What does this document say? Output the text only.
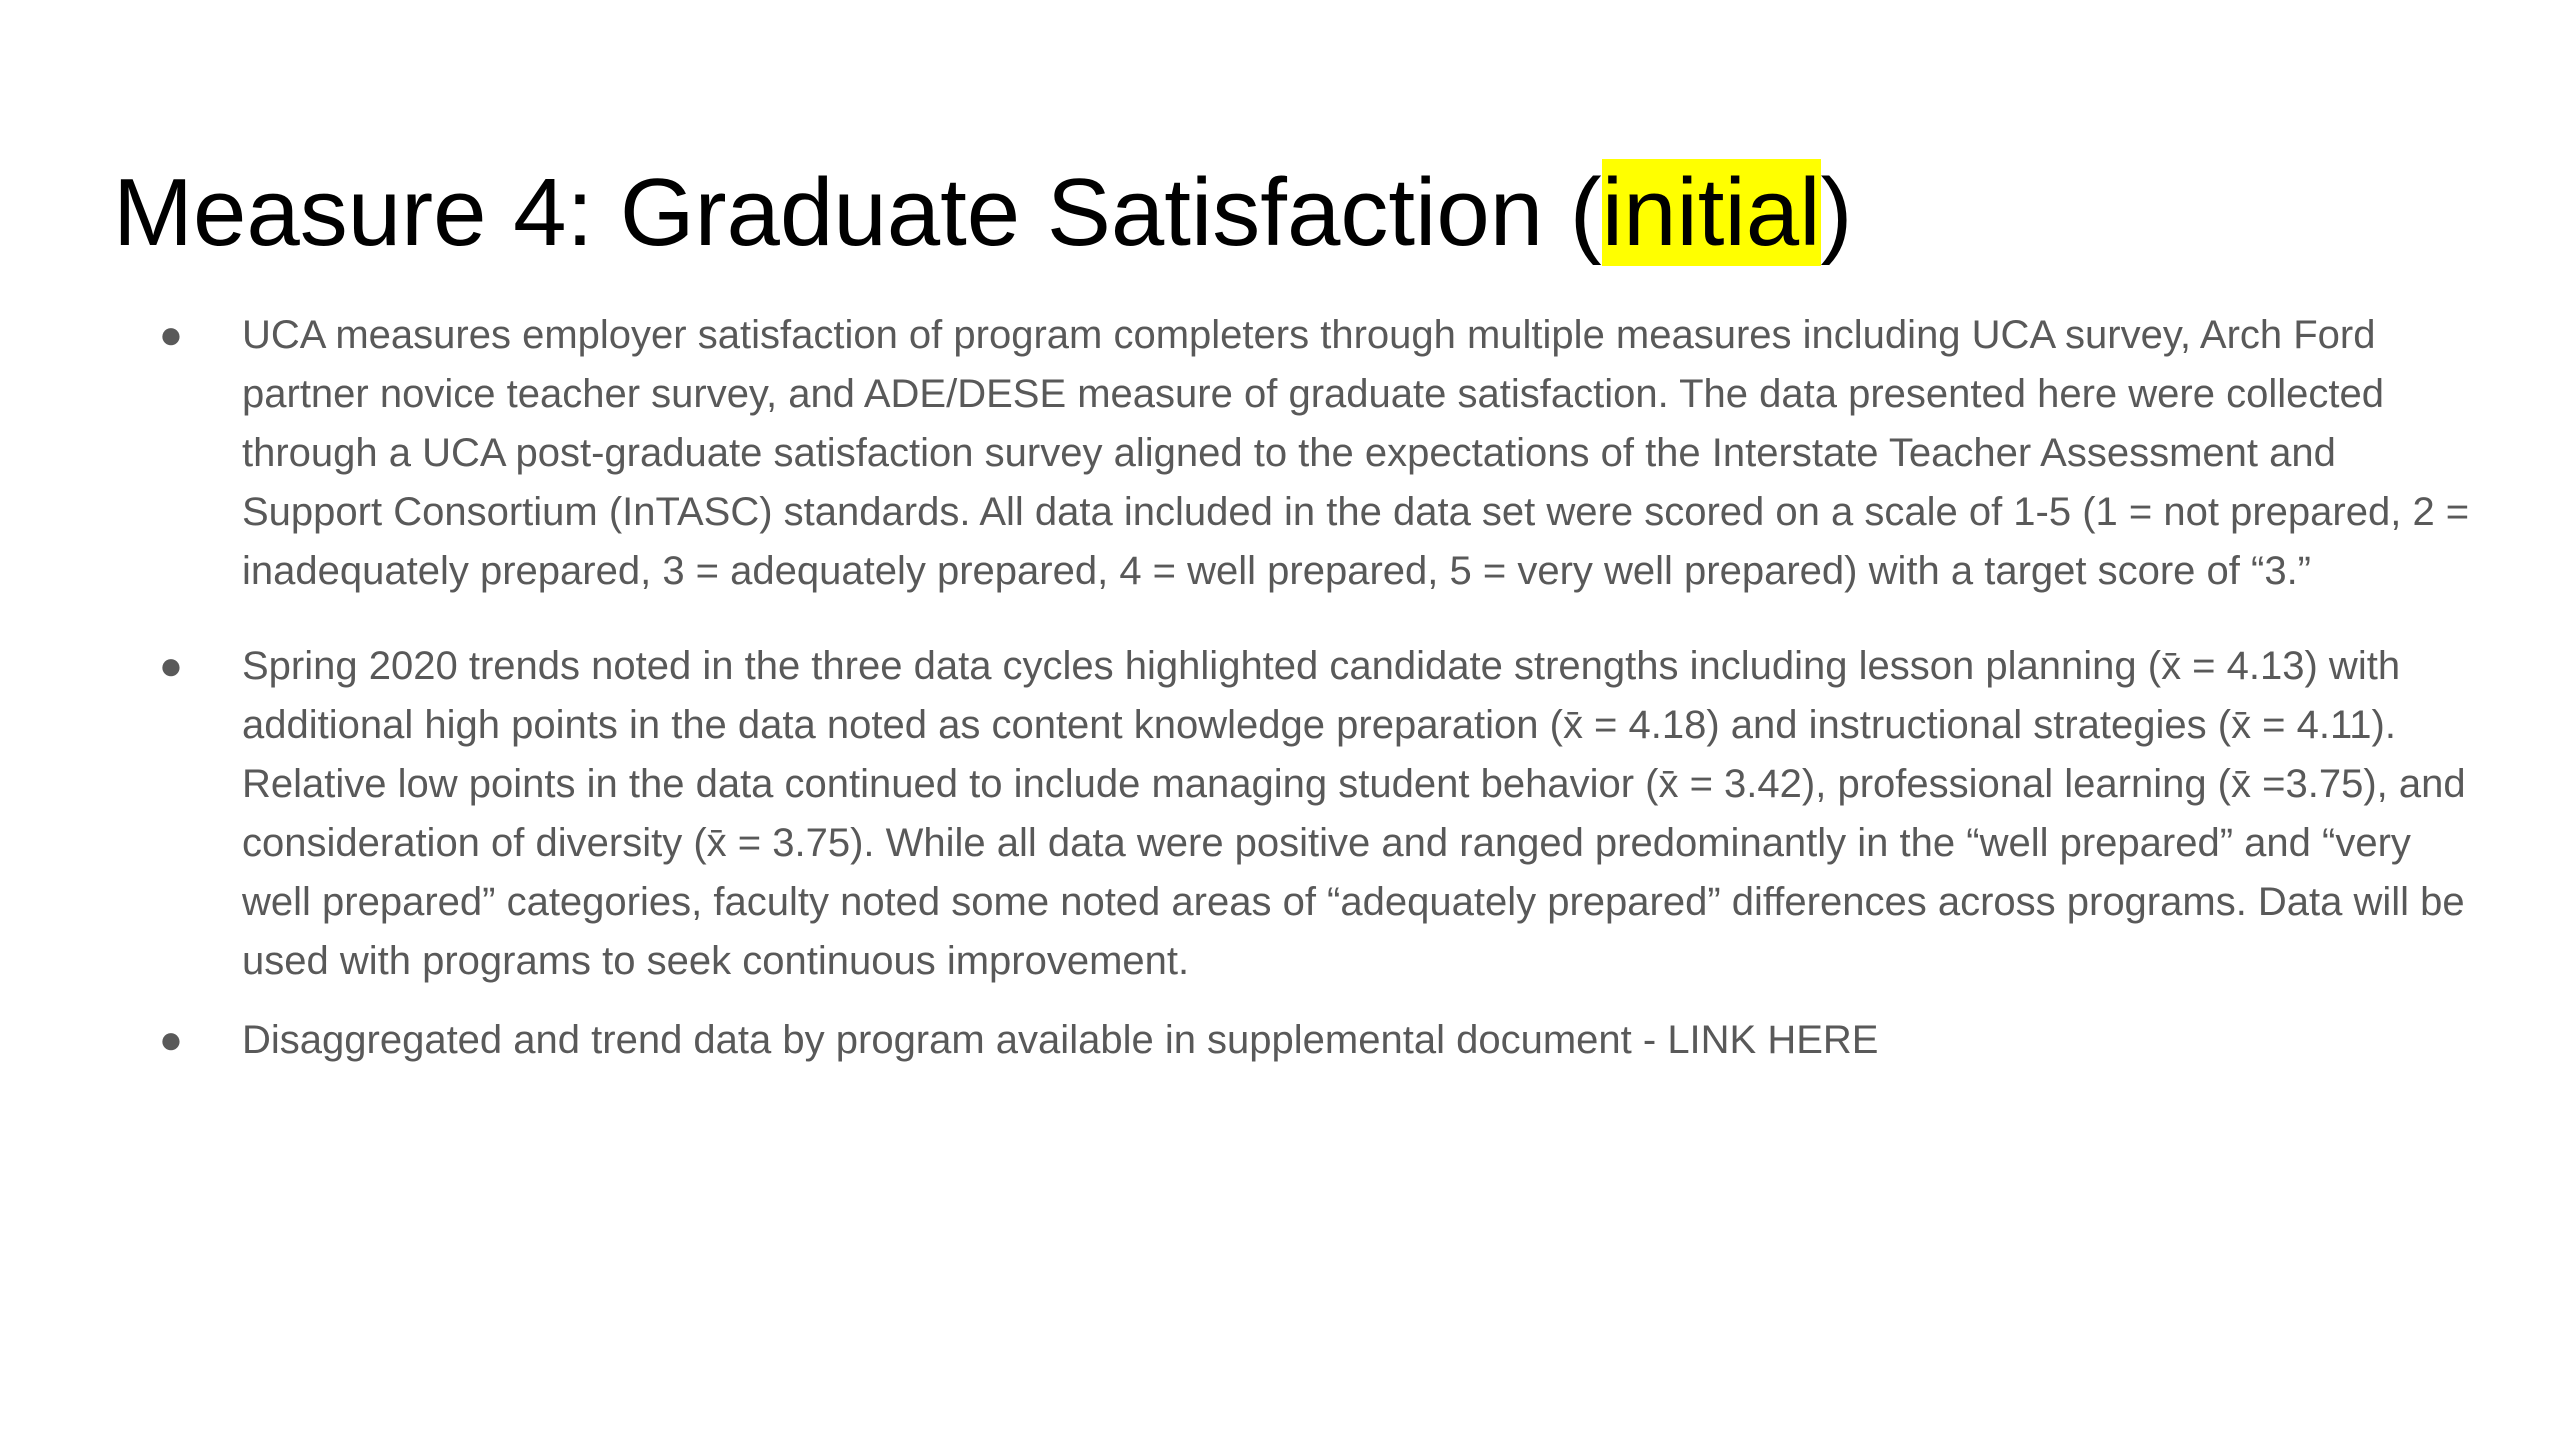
Measure 4: Graduate Satisfaction (initial)
● UCA measures employer satisfaction of program completers through multiple measures including UCA survey, Arch Ford partner novice teacher survey, and ADE/DESE measure of graduate satisfaction. The data presented here were collected through a UCA post-graduate satisfaction survey aligned to the expectations of the Interstate Teacher Assessment and Support Consortium (InTASC) standards. All data included in the data set were scored on a scale of 1-5 (1 = not prepared, 2 = inadequately prepared, 3 = adequately prepared, 4 = well prepared, 5 = very well prepared) with a target score of “3.”
● Spring 2020 trends noted in the three data cycles highlighted candidate strengths including lesson planning (x̄ = 4.13) with additional high points in the data noted as content knowledge preparation (x̄ = 4.18) and instructional strategies (x̄ = 4.11). Relative low points in the data continued to include managing student behavior (x̄ = 3.42), professional learning (x̄ =3.75), and consideration of diversity (x̄ = 3.75). While all data were positive and ranged predominantly in the “well prepared” and “very well prepared” categories, faculty noted some noted areas of “adequately prepared” differences across programs. Data will be used with programs to seek continuous improvement.
● Disaggregated and trend data by program available in supplemental document - LINK HERE
